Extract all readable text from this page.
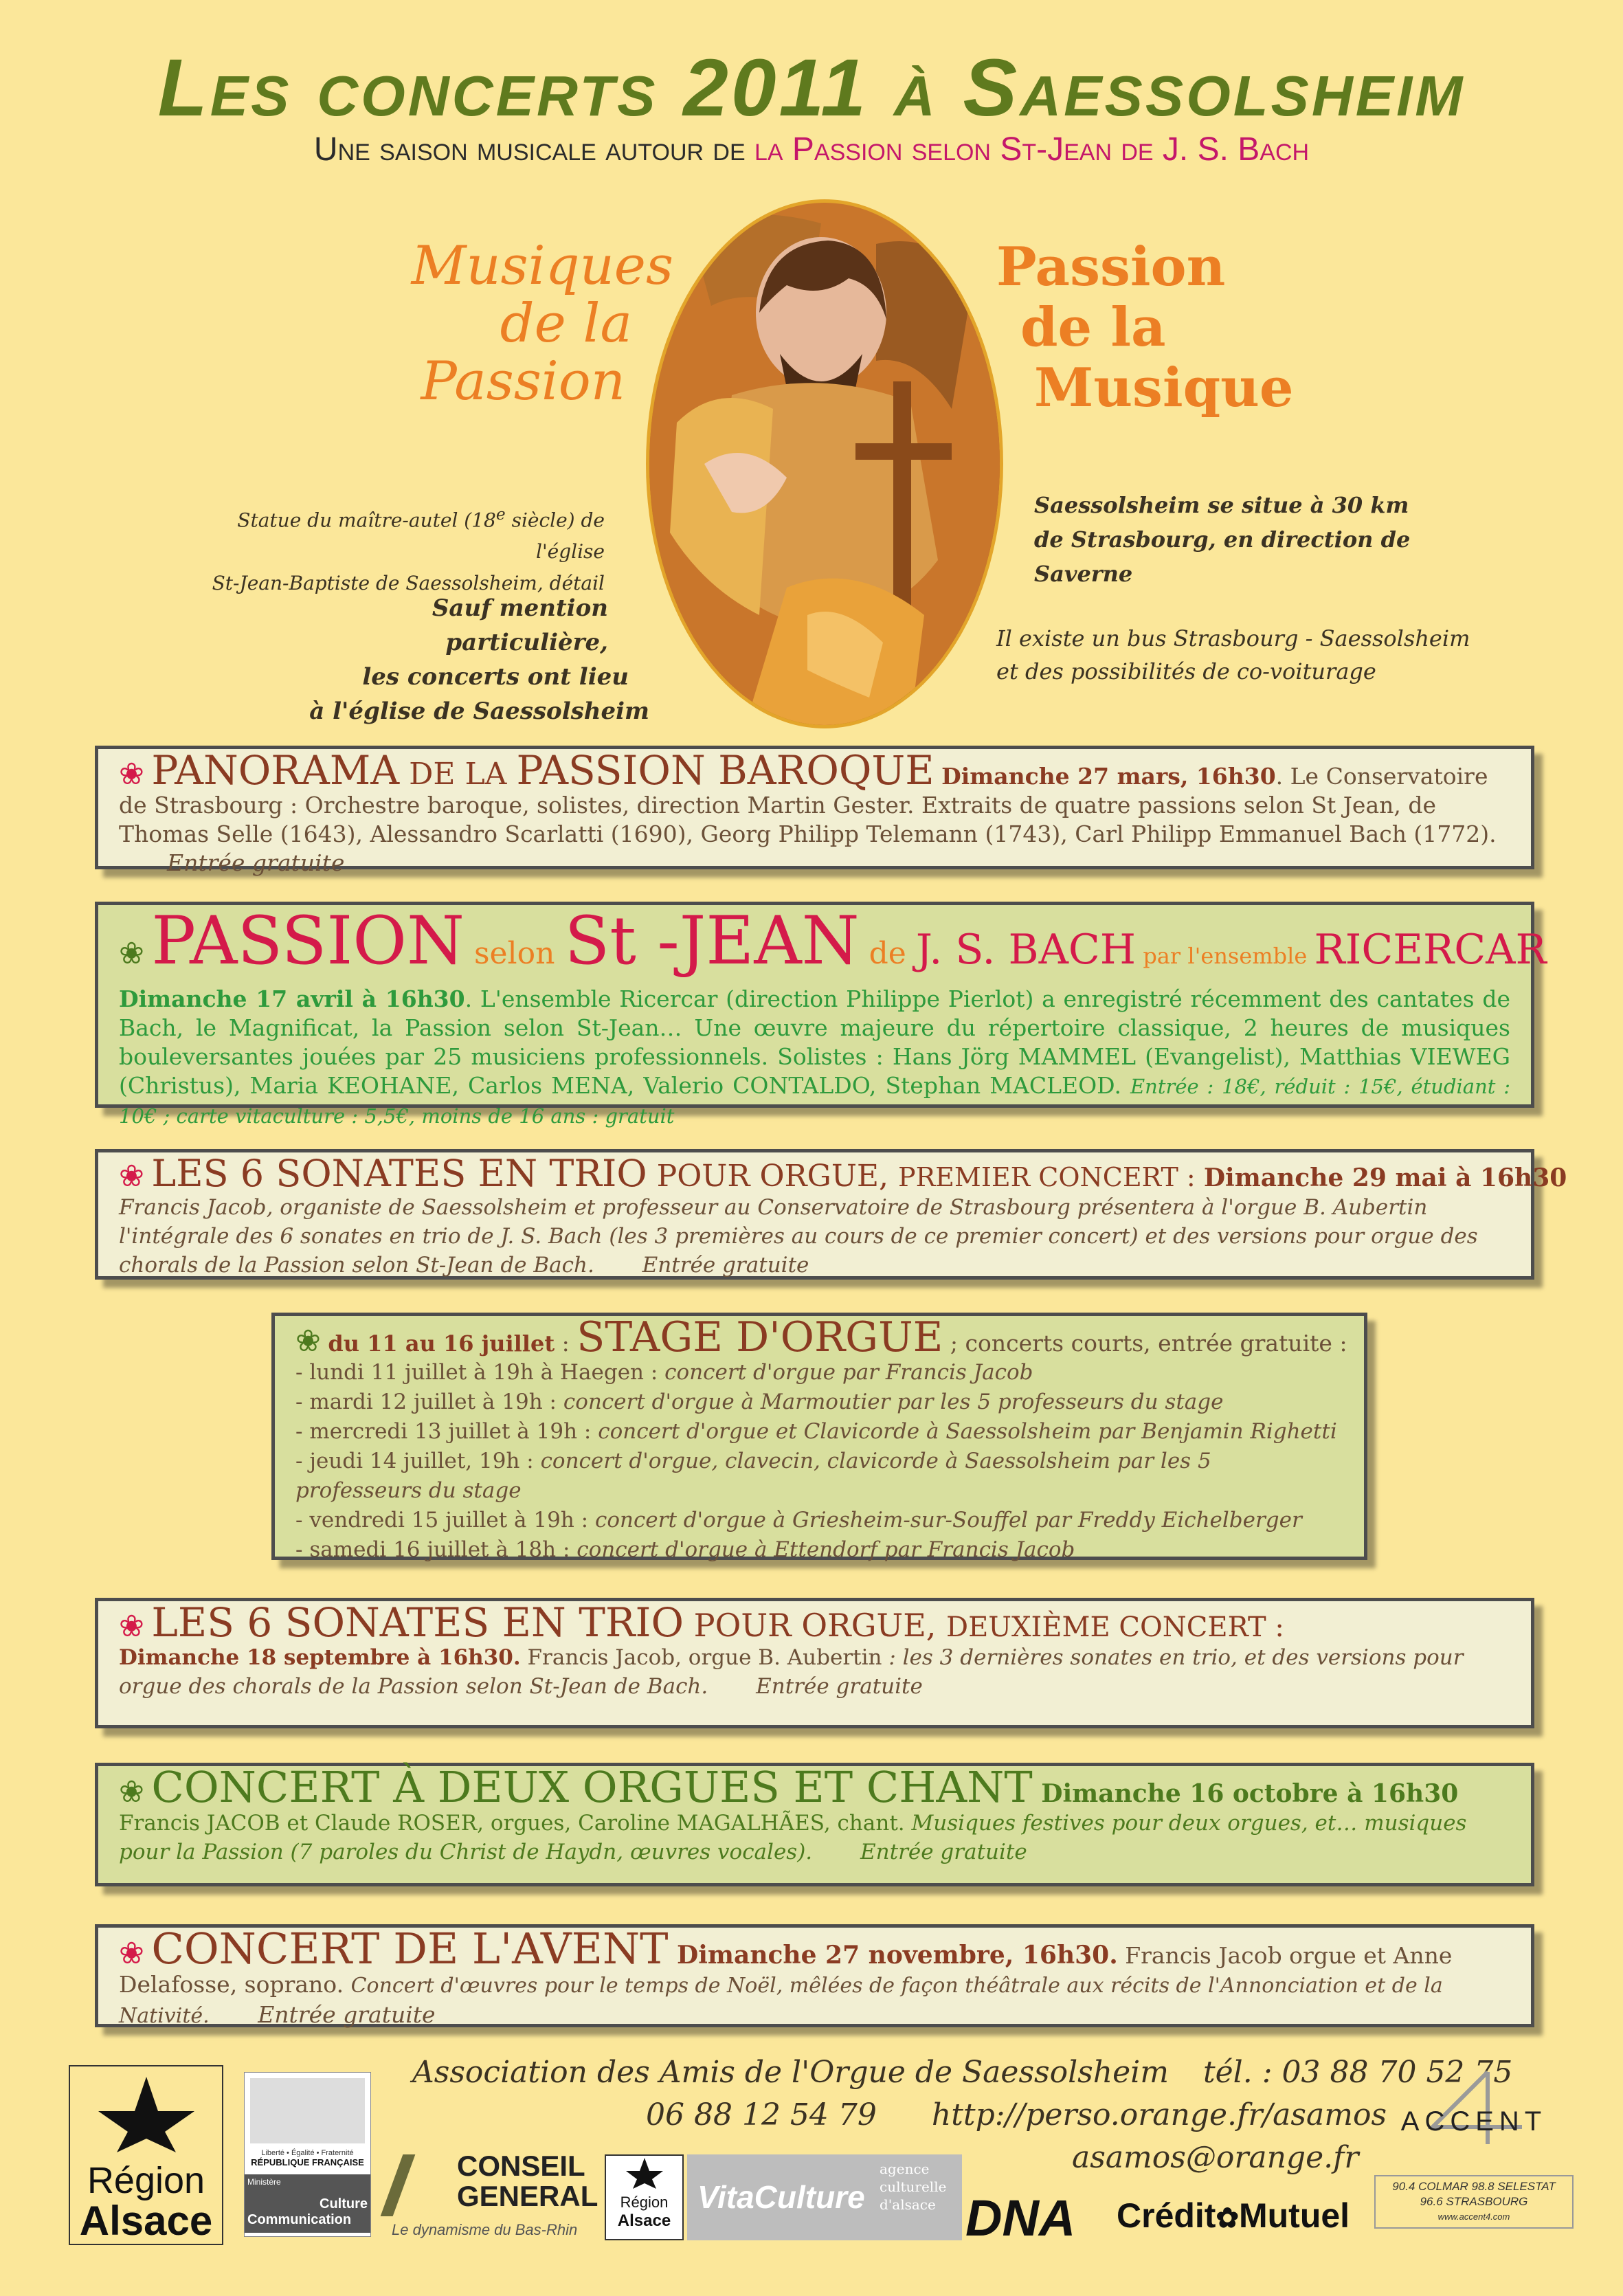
Les concerts 2011 à Saessolsheim
Une saison musicale autour de la Passion selon St-Jean de J. S. Bach
Musiques
de la
Passion
Passion
de la
Musique
Statue du maître-autel (18e siècle) de l'église
St-Jean-Baptiste de Saessolsheim, détail
Sauf mention particulière,
les concerts ont lieu
à l'église de Saessolsheim
Saessolsheim se situe à 30 km
de Strasbourg, en direction de Saverne
Il existe un bus Strasbourg - Saessolsheim
et des possibilités de co-voiturage
❀ PANORAMA DE LA PASSION BAROQUE Dimanche 27 mars, 16h30. Le Conservatoire de Strasbourg : Orchestre baroque, solistes, direction Martin Gester. Extraits de quatre passions selon St Jean, de Thomas Selle (1643), Alessandro Scarlatti (1690), Georg Philipp Telemann (1743), Carl Philipp Emmanuel Bach (1772). Entrée gratuite
❀ PASSION selon St -JEAN de J. S. BACH par l'ensemble RICERCAR
Dimanche 17 avril à 16h30. L'ensemble Ricercar (direction Philippe Pierlot) a enregistré récemment des cantates de Bach, le Magnificat, la Passion selon St-Jean… Une œuvre majeure du répertoire classique, 2 heures de musiques bouleversantes jouées par 25 musiciens professionnels. Solistes : Hans Jörg MAMMEL (Evangelist), Matthias VIEWEG (Christus), Maria KEOHANE, Carlos MENA, Valerio CONTALDO, Stephan MACLEOD. Entrée : 18€, réduit : 15€, étudiant : 10€ ; carte vitaculture : 5,5€, moins de 16 ans : gratuit
❀ LES 6 SONATES EN TRIO POUR ORGUE, PREMIER CONCERT : Dimanche 29 mai à 16h30
Francis Jacob, organiste de Saessolsheim et professeur au Conservatoire de Strasbourg présentera à l'orgue B. Aubertin l'intégrale des 6 sonates en trio de J. S. Bach (les 3 premières au cours de ce premier concert) et des versions pour orgue des chorals de la Passion selon St-Jean de Bach. Entrée gratuite
❀ du 11 au 16 juillet : STAGE D'ORGUE ; concerts courts, entrée gratuite :
- lundi 11 juillet à 19h à Haegen : concert d'orgue par Francis Jacob
- mardi 12 juillet à 19h : concert d'orgue à Marmoutier par les 5 professeurs du stage
- mercredi 13 juillet à 19h : concert d'orgue et Clavicorde à Saessolsheim par Benjamin Righetti
- jeudi 14 juillet, 19h : concert d'orgue, clavecin, clavicorde à Saessolsheim par les 5 professeurs du stage
- vendredi 15 juillet à 19h : concert d'orgue à Griesheim-sur-Souffel par Freddy Eichelberger
- samedi 16 juillet à 18h : concert d'orgue à Ettendorf par Francis Jacob
❀ LES 6 SONATES EN TRIO POUR ORGUE, DEUXIÈME CONCERT :
Dimanche 18 septembre à 16h30. Francis Jacob, orgue B. Aubertin : les 3 dernières sonates en trio, et des versions pour orgue des chorals de la Passion selon St-Jean de Bach. Entrée gratuite
❀ CONCERT À DEUX ORGUES ET CHANT Dimanche 16 octobre à 16h30
Francis JACOB et Claude ROSER, orgues, Caroline MAGALHÃES, chant. Musiques festives pour deux orgues, et… musiques pour la Passion (7 paroles du Christ de Haydn, œuvres vocales). Entrée gratuite
❀ CONCERT DE L'AVENT Dimanche 27 novembre, 16h30. Francis Jacob orgue et Anne Delafosse, soprano. Concert d'œuvres pour le temps de Noël, mêlées de façon théâtrale aux récits de l'Annonciation et de la Nativité. Entrée gratuite
Association des Amis de l'Orgue de Saessolsheim tél. : 03 88 70 52 75
06 88 12 54 79 http://perso.orange.fr/asamos
asamos@orange.fr
Région
Alsace
Liberté • Égalité • Fraternité
RÉPUBLIQUE FRANÇAISE
Ministère
Culture
Communication
CONSEIL
GENERAL
Le dynamisme du Bas-Rhin
Région
Alsace
VitaCulture
agence culturelle d'alsace DNA	Crédit✿Mutuel
ACCENT
90.4 COLMAR 98.8 SELESTAT
96.6 STRASBOURG
www.accent4.com
